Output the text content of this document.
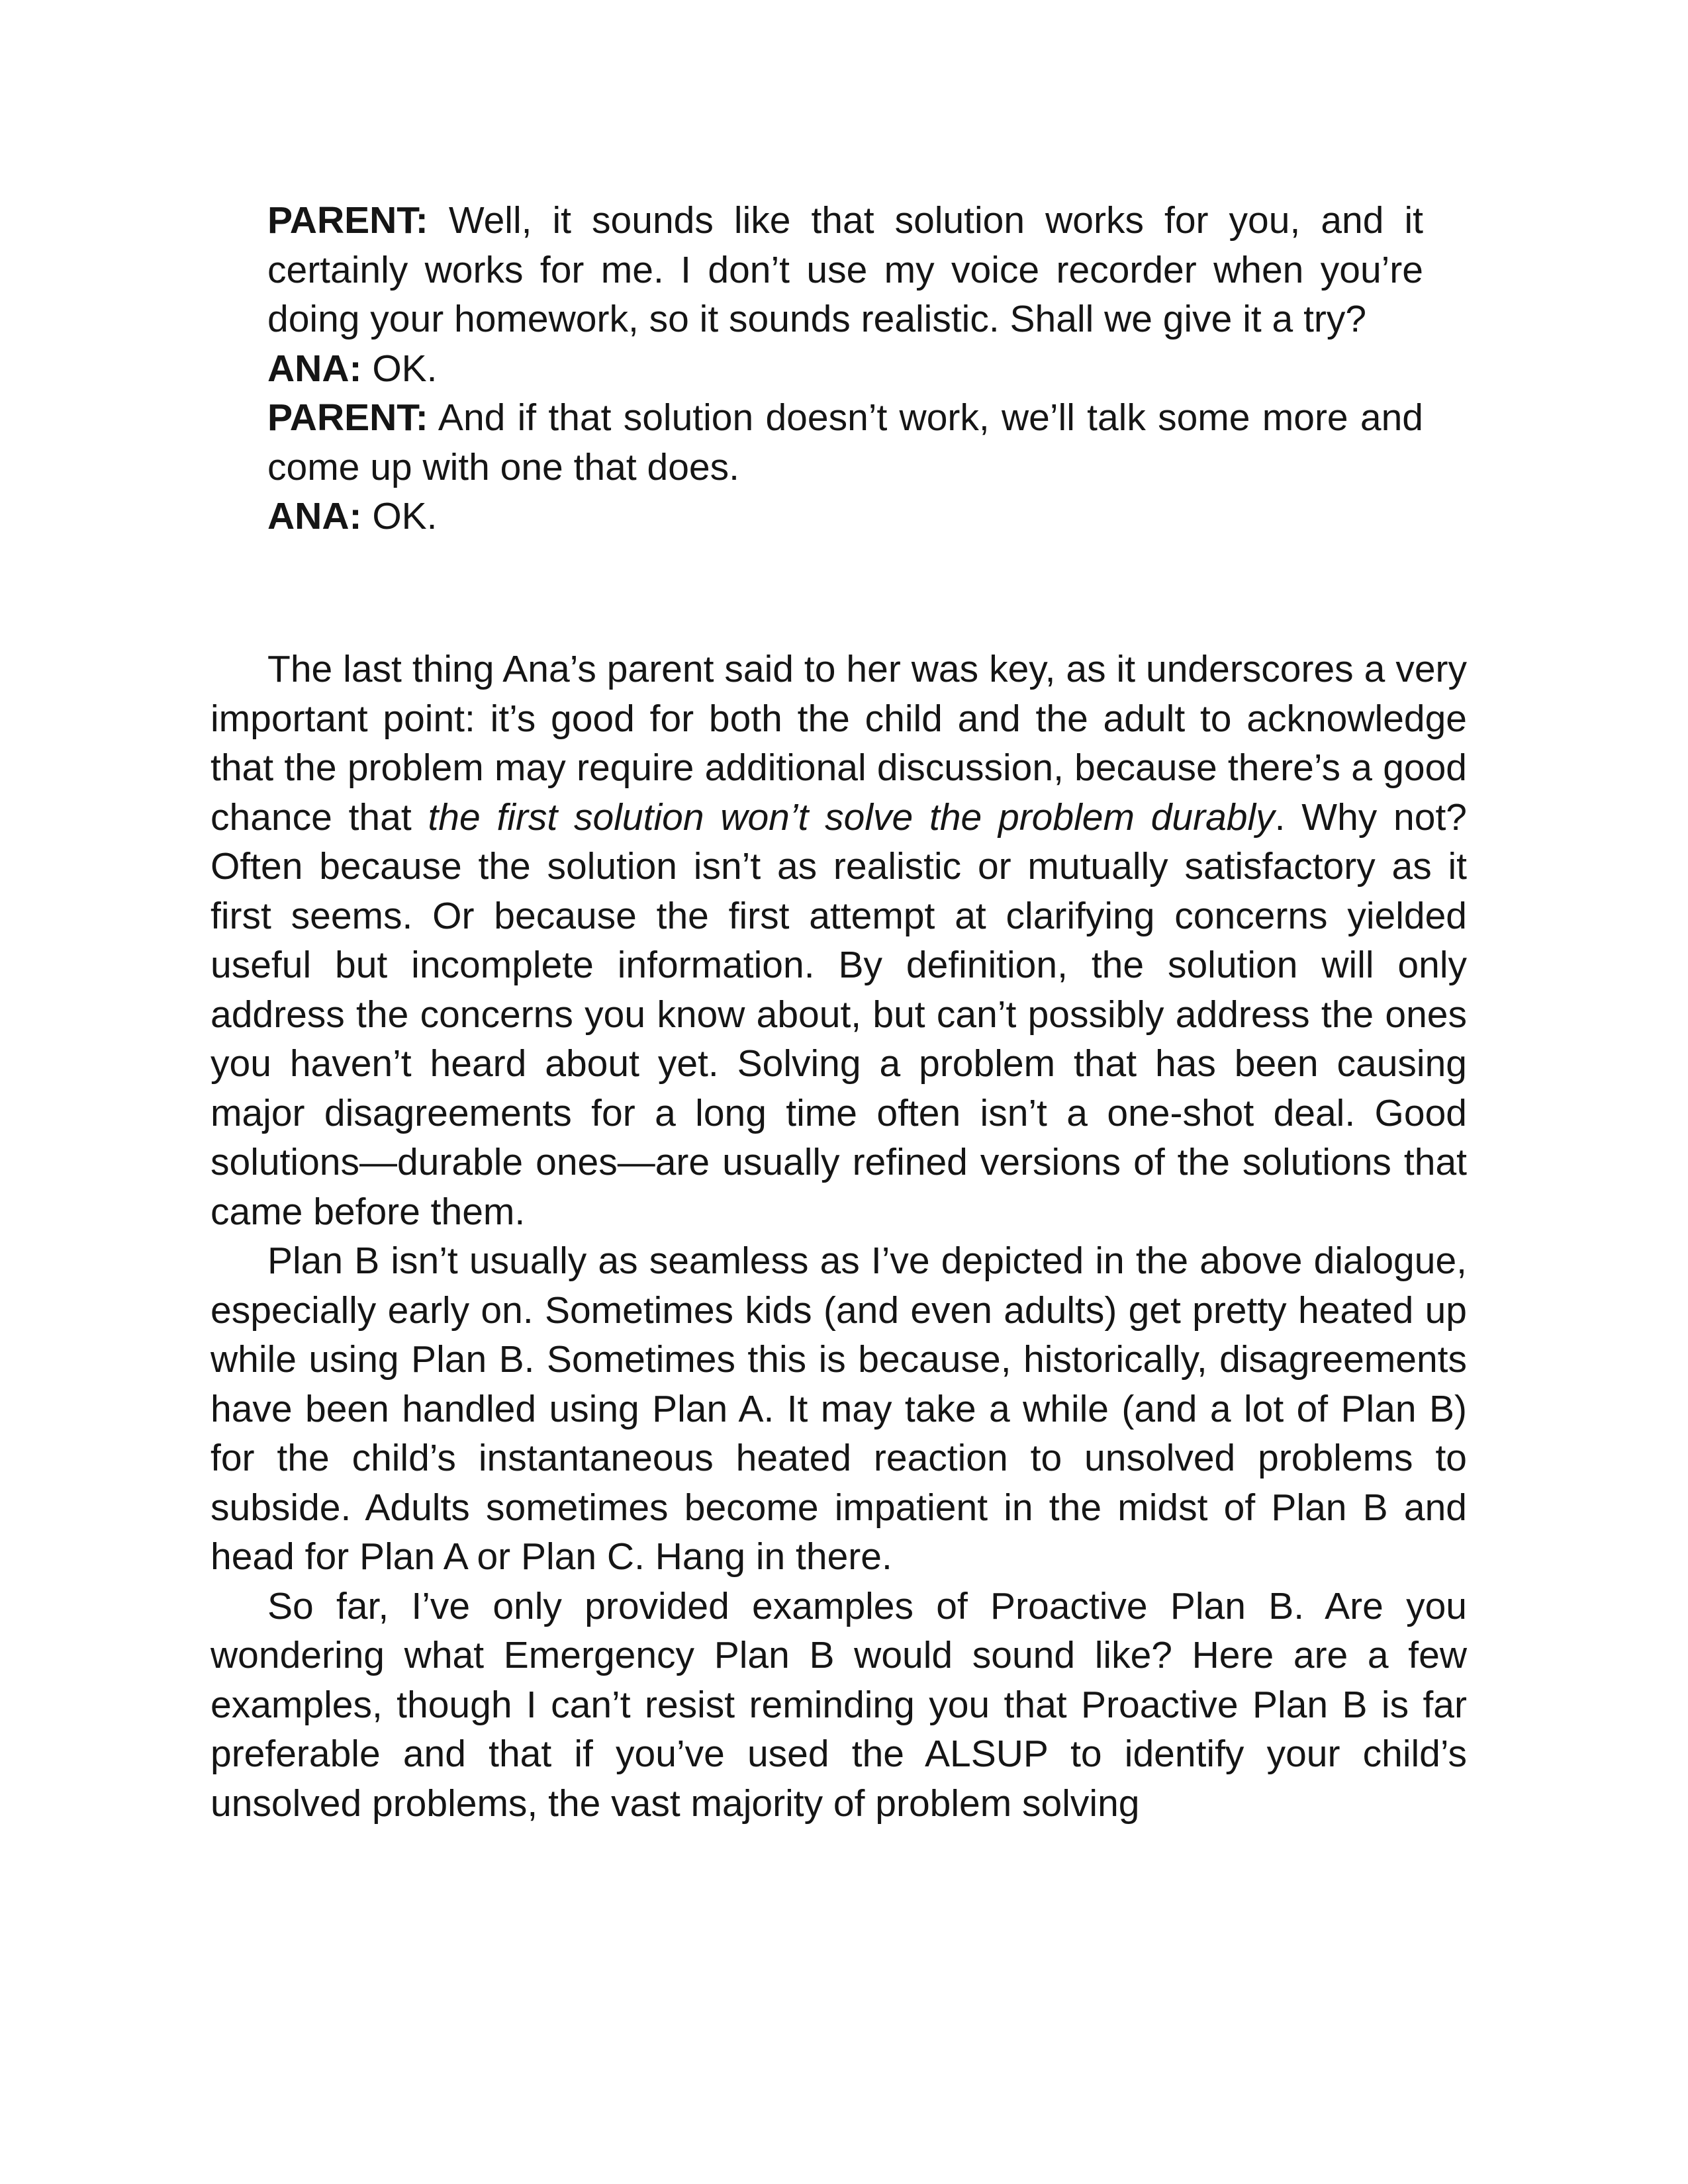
PARENT: Well, it sounds like that solution works for you, and it certainly works for me. I don’t use my voice recorder when you’re doing your homework, so it sounds realistic. Shall we give it a try?

ANA: OK.

PARENT: And if that solution doesn’t work, we’ll talk some more and come up with one that does.

ANA: OK.

The last thing Ana’s parent said to her was key, as it underscores a very important point: it’s good for both the child and the adult to acknowledge that the problem may require additional discussion, because there’s a good chance that the first solution won’t solve the problem durably. Why not? Often because the solution isn’t as realistic or mutually satisfactory as it first seems. Or because the first attempt at clarifying concerns yielded useful but incomplete information. By definition, the solution will only address the concerns you know about, but can’t possibly address the ones you haven’t heard about yet. Solving a problem that has been causing major disagreements for a long time often isn’t a one-shot deal. Good solutions—durable ones—are usually refined versions of the solutions that came before them.

Plan B isn’t usually as seamless as I’ve depicted in the above dialogue, especially early on. Sometimes kids (and even adults) get pretty heated up while using Plan B. Sometimes this is because, historically, disagreements have been handled using Plan A. It may take a while (and a lot of Plan B) for the child’s instantaneous heated reaction to unsolved problems to subside. Adults sometimes become impatient in the midst of Plan B and head for Plan A or Plan C. Hang in there.

So far, I’ve only provided examples of Proactive Plan B. Are you wondering what Emergency Plan B would sound like? Here are a few examples, though I can’t resist reminding you that Proactive Plan B is far preferable and that if you’ve used the ALSUP to identify your child’s unsolved problems, the vast majority of problem solving
